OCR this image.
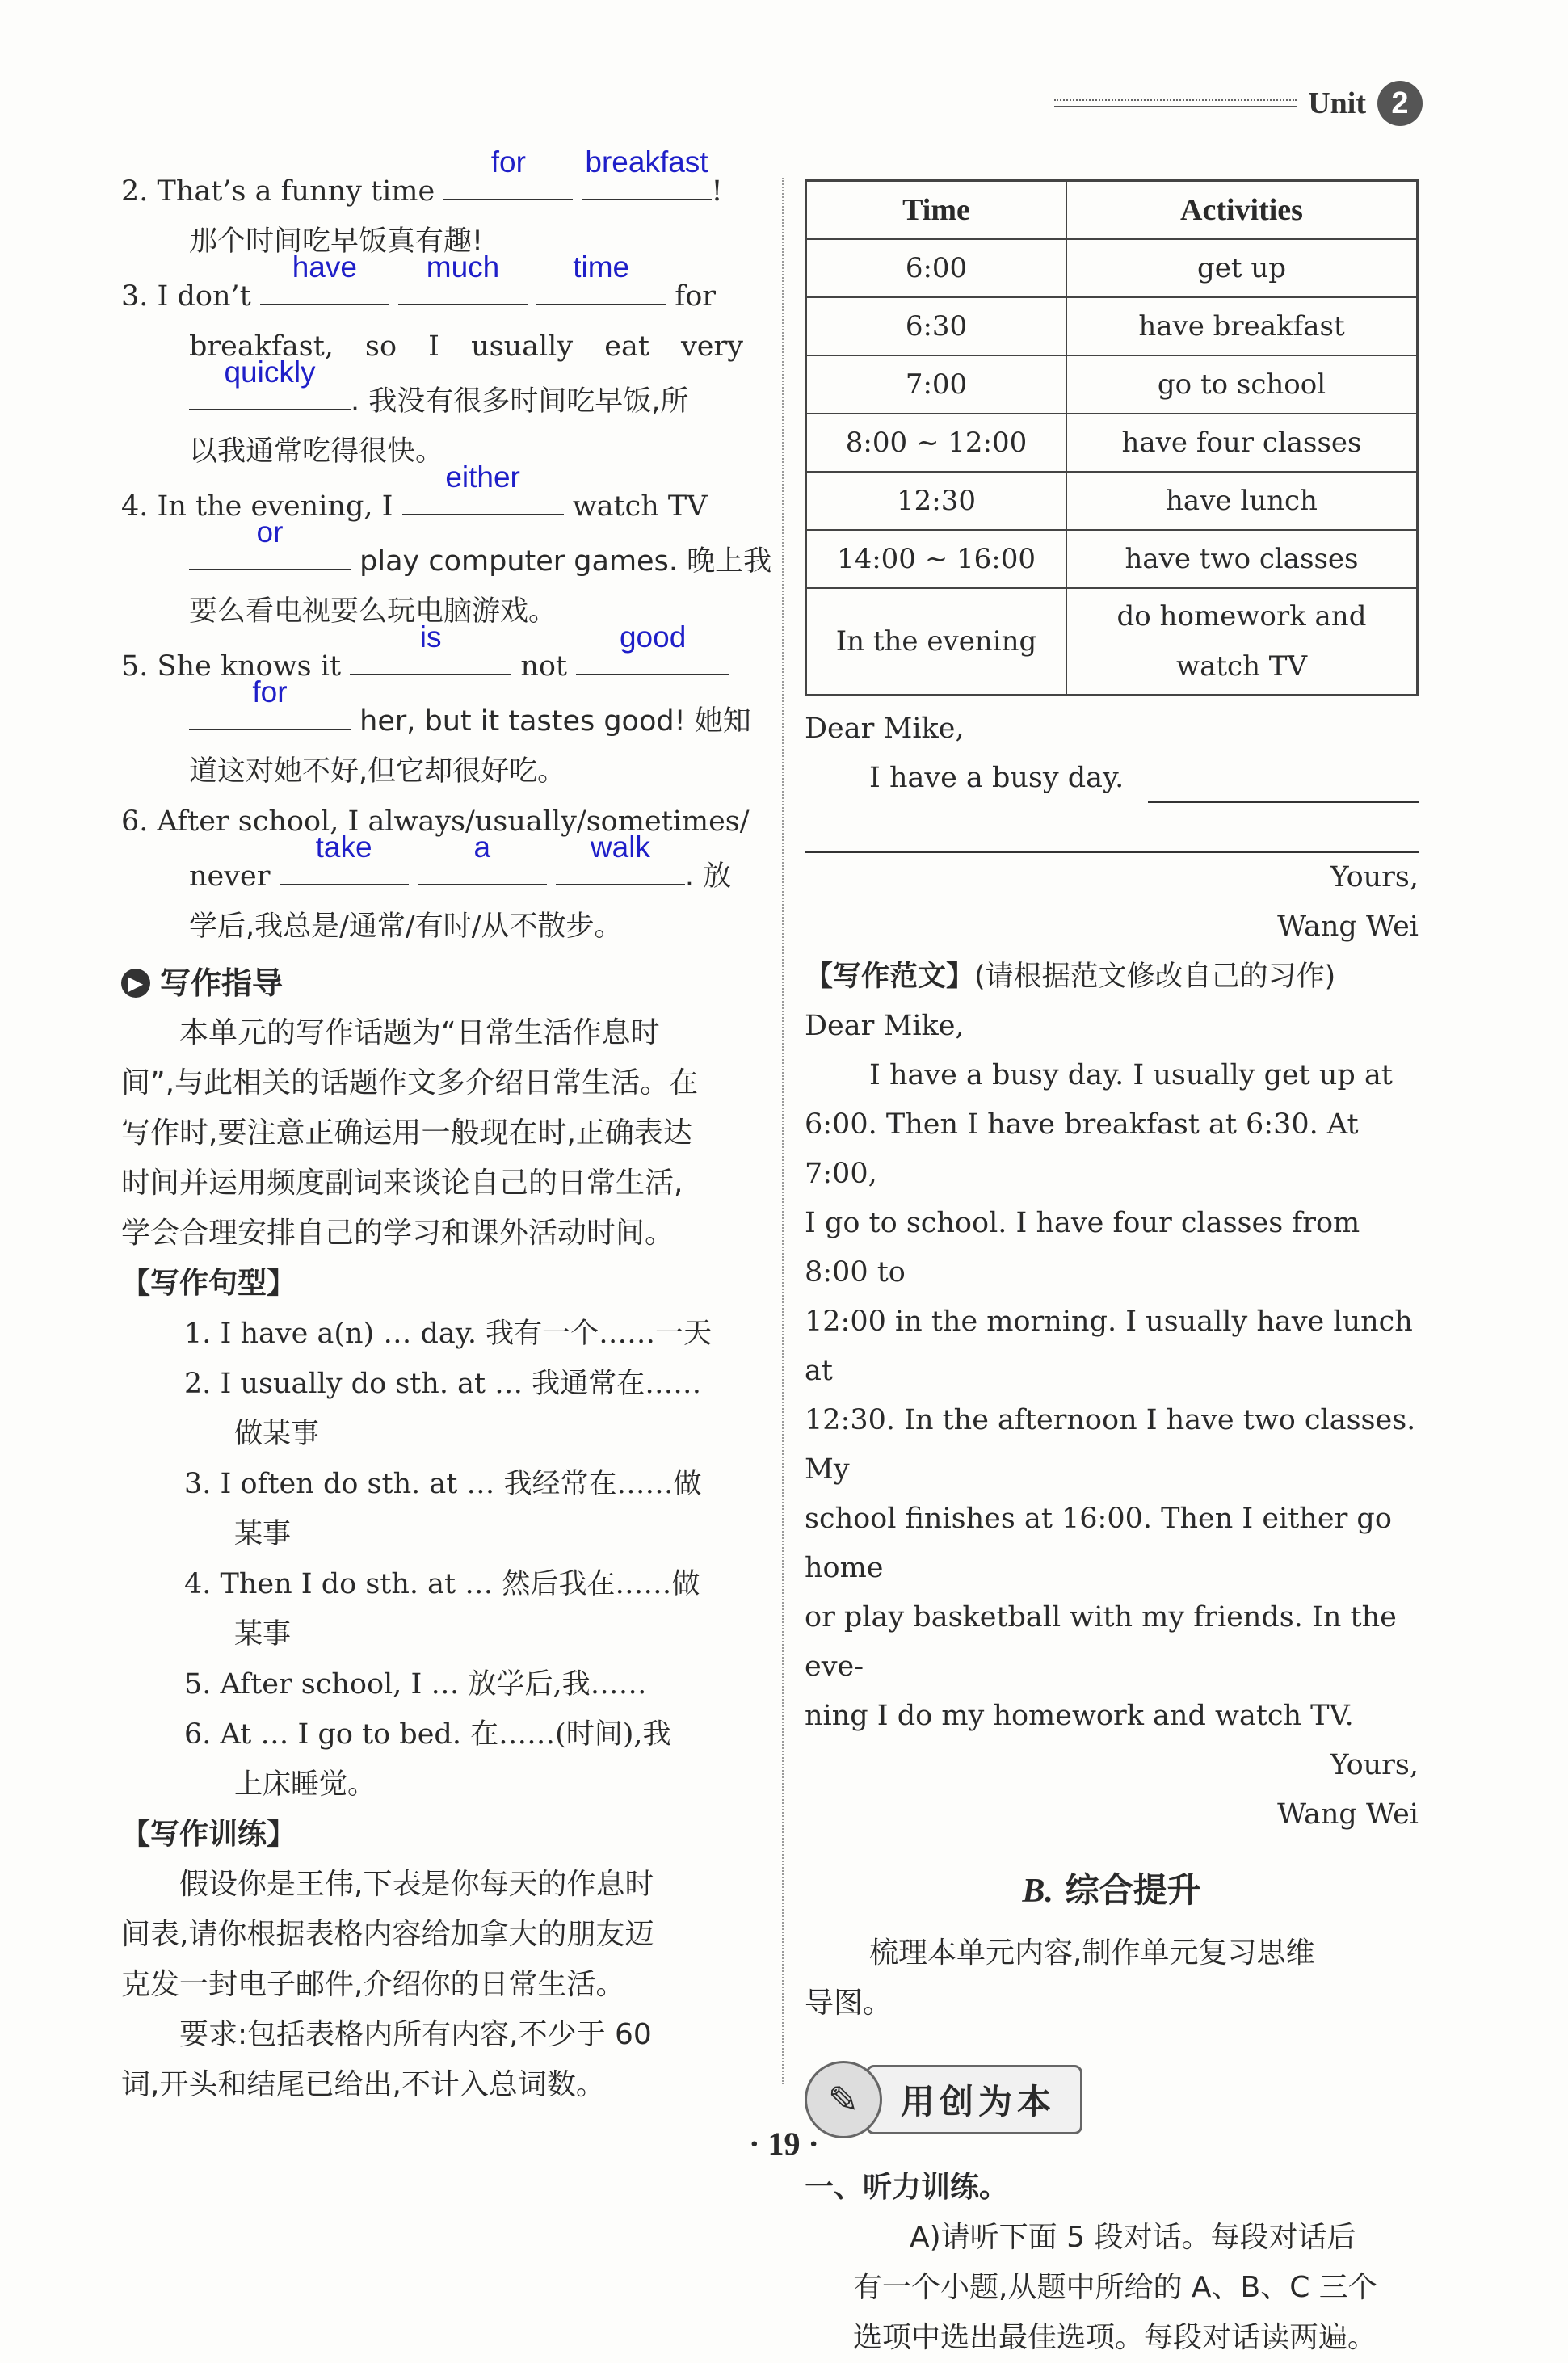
Unit 2
2. That’s a funny time
for
	breakfast
!
那个时间吃早饭真有趣!
3. I don’t
have
	much
	time
for
breakfast, so I usually eat very
quickly
. 我没有很多时间吃早饭,所
以我通常吃得很快。
4. In the evening, I
either
watch TV
or
play computer games. 晚上我
要么看电视要么玩电脑游戏。
5. She knows it
is
not
good
for
her, but it tastes good! 她知
道这对她不好,但它却很好吃。
6. After school, I always/usually/sometimes/
never
take
	a
	walk
. 放
学后,我总是/通常/有时/从不散步。
▶ 写作指导
本单元的写作话题为“日常生活作息时
间”,与此相关的话题作文多介绍日常生活。在
写作时,要注意正确运用一般现在时,正确表达
时间并运用频度副词来谈论自己的日常生活,
学会合理安排自己的学习和课外活动时间。
【写作句型】
1. I have a(n) … day. 我有一个……一天
2. I usually do sth. at … 我通常在……
做某事
3. I often do sth. at … 我经常在……做
某事
4. Then I do sth. at … 然后我在……做
某事
5. After school, I … 放学后,我……
6. At … I go to bed. 在……(时间),我
上床睡觉。
【写作训练】
假设你是王伟,下表是你每天的作息时
间表,请你根据表格内容给加拿大的朋友迈
克发一封电子邮件,介绍你的日常生活。
要求:包括表格内所有内容,不少于 60
词,开头和结尾已给出,不计入总词数。
Time	Activities
6:00	get up
6:30	have breakfast
7:00	go to school
8:00 ~ 12:00	have four classes
12:30	have lunch
14:00 ~ 16:00	have two classes
In the evening	do homework and
watch TV
Dear Mike,
I have a busy day.
Yours,
Wang Wei
【写作范文】(请根据范文修改自己的习作)
Dear Mike,
I have a busy day. I usually get up at
6:00. Then I have breakfast at 6:30. At 7:00,
I go to school. I have four classes from 8:00 to
12:00 in the morning. I usually have lunch at
12:30. In the afternoon I have two classes. My
school finishes at 16:00. Then I either go home
or play basketball with my friends. In the eve-
ning I do my homework and watch TV.
Yours,
Wang Wei
B. 综合提升
梳理本单元内容,制作单元复习思维
导图。
✎	用创为本
一、听力训练。
A)请听下面 5 段对话。每段对话后
有一个小题,从题中所给的 A、B、C 三个
选项中选出最佳选项。每段对话读两遍。
· 19 ·
